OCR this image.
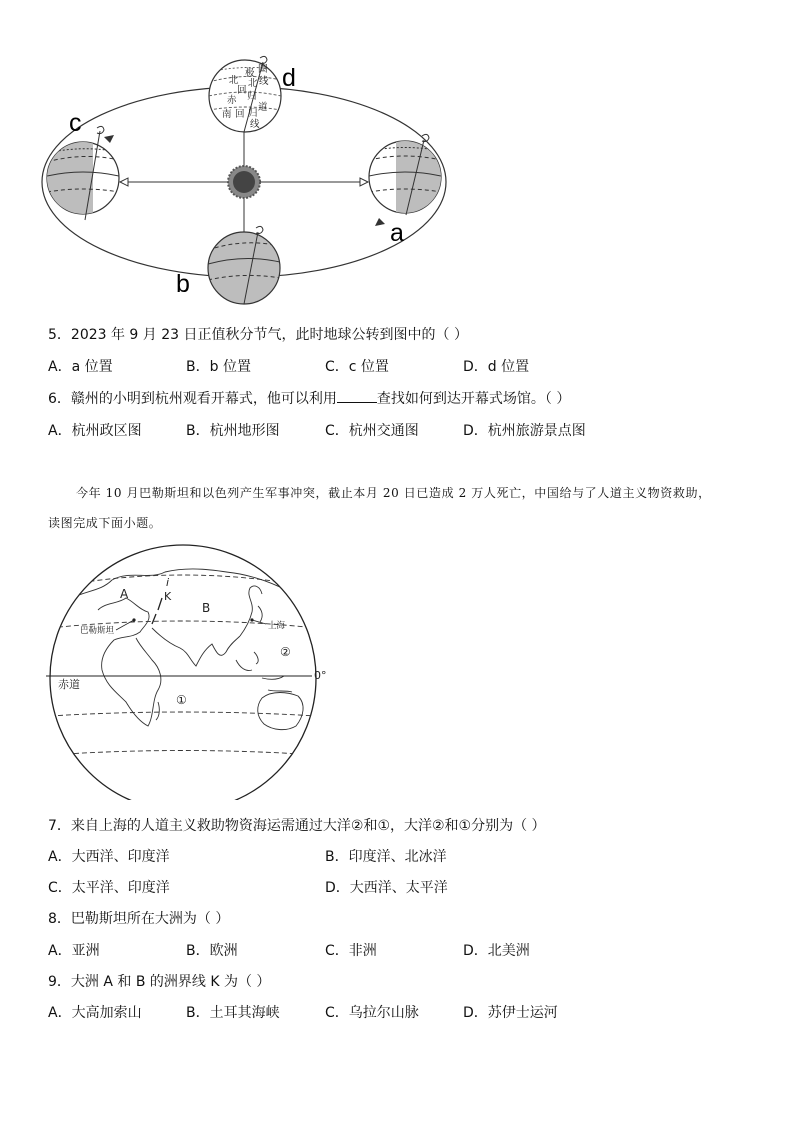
北
极 圈
回
北
归
线
赤
道
南 回 归
线
d
c
a
b
5．2023 年 9 月 23 日正值秋分节气，此时地球公转到图中的（ ）
A．a 位置	B．b 位置	C．c 位置	D．d 位置
6．赣州的小明到杭州观看开幕式，他可以利用	查找如何到达开幕式场馆。（ ）
A．杭州政区图	B．杭州地形图	C．杭州交通图	D．杭州旅游景点图
今年 10 月巴勒斯坦和以色列产生军事冲突，截止本月 20 日已造成 2 万人死亡，中国给与了人道主义物资救助，
读图完成下面小题。
i
K
A
B
巴勒斯坦	上海
②
①
赤道
0°
7．来自上海的人道主义救助物资海运需通过大洋②和①，大洋②和①分别为（ ）
A．大西洋、印度洋	B．印度洋、北冰洋
C．太平洋、印度洋	D．大西洋、太平洋
8．巴勒斯坦所在大洲为（ ）
A．亚洲	B．欧洲	C．非洲	D．北美洲
9．大洲 A 和 B 的洲界线 K 为（ ）
A．大高加索山	B．土耳其海峡	C．乌拉尔山脉	D．苏伊士运河
